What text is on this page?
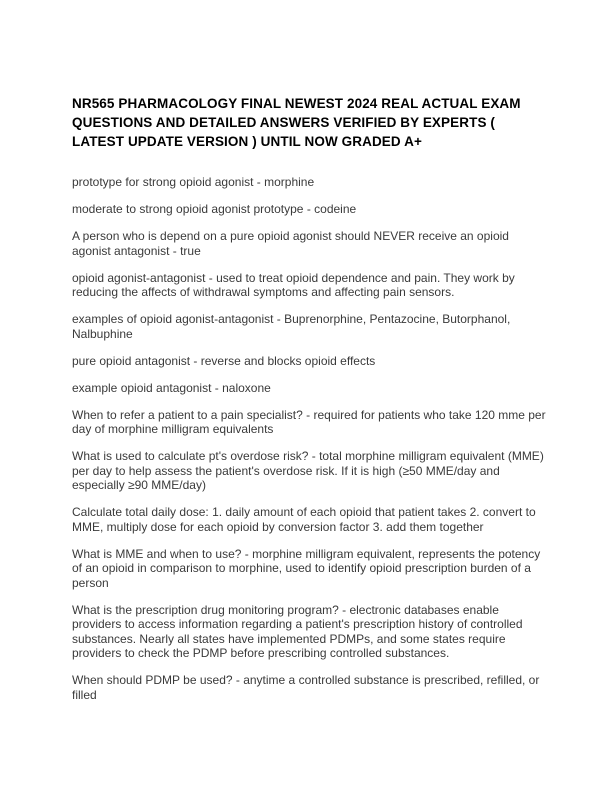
NR565 PHARMACOLOGY FINAL NEWEST 2024 REAL ACTUAL EXAM QUESTIONS AND DETAILED ANSWERS VERIFIED BY EXPERTS ( LATEST UPDATE VERSION ) UNTIL NOW GRADED A+

prototype for strong opioid agonist - morphine

moderate to strong opioid agonist prototype - codeine

A person who is depend on a pure opioid agonist should NEVER receive an opioid agonist antagonist - true

opioid agonist-antagonist - used to treat opioid dependence and pain. They work by reducing the affects of withdrawal symptoms and affecting pain sensors.

examples of opioid agonist-antagonist - Buprenorphine, Pentazocine, Butorphanol, Nalbuphine

pure opioid antagonist - reverse and blocks opioid effects

example opioid antagonist - naloxone

When to refer a patient to a pain specialist? - required for patients who take 120 mme per day of morphine milligram equivalents

What is used to calculate pt's overdose risk? - total morphine milligram equivalent (MME) per day to help assess the patient's overdose risk. If it is high (≥50 MME/day and especially ≥90 MME/day)

Calculate total daily dose: 1. daily amount of each opioid that patient takes 2. convert to MME, multiply dose for each opioid by conversion factor 3. add them together

What is MME and when to use? - morphine milligram equivalent, represents the potency of an opioid in comparison to morphine, used to identify opioid prescription burden of a person

What is the prescription drug monitoring program? - electronic databases enable providers to access information regarding a patient's prescription history of controlled substances. Nearly all states have implemented PDMPs, and some states require providers to check the PDMP before prescribing controlled substances.

When should PDMP be used? - anytime a controlled substance is prescribed, refilled, or filled
